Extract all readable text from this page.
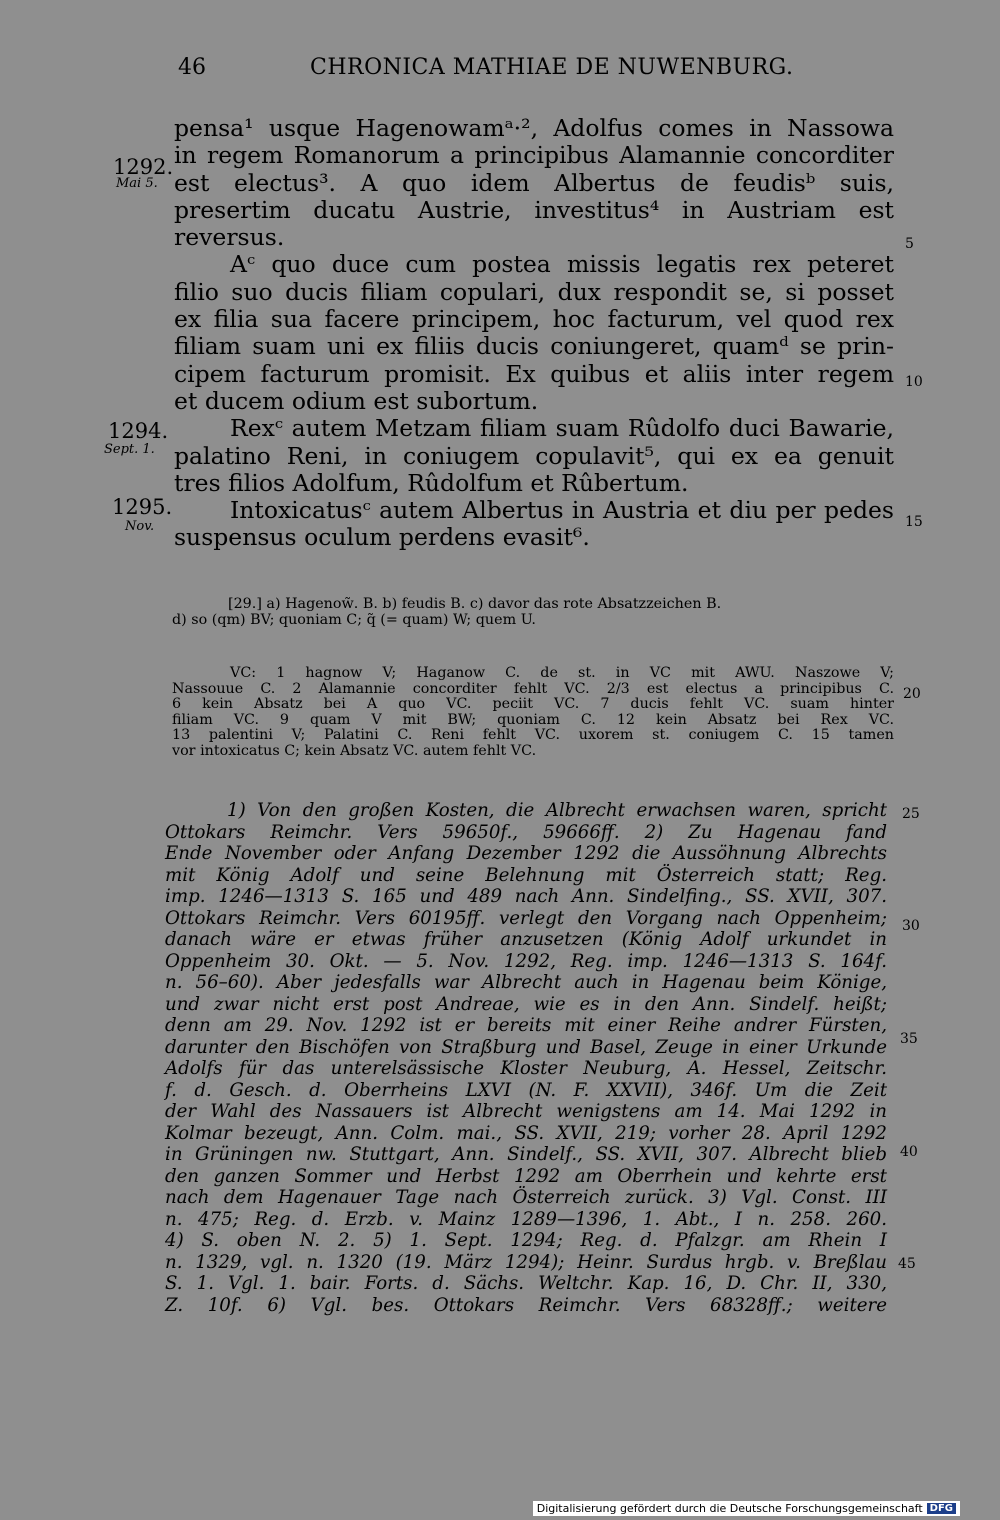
46	CHRONICA MATHIAE DE NUWENBURG.
1292.
Mai 5.
1294.
Sept. 1.
1295.
Nov.
5
10
15
20
25
30
35
40
45
pensa¹ usque Hagenowamᵃ·², Adolfus comes in Nassowa
in regem Romanorum a principibus Alamannie concorditer
est electus³. A quo idem Albertus de feudisᵇ suis,
presertim ducatu Austrie, investitus⁴ in Austriam est
reversus.
Aᶜ quo duce cum postea missis legatis rex peteret
filio suo ducis filiam copulari, dux respondit se, si posset
ex filia sua facere principem, hoc facturum, vel quod rex
filiam suam uni ex filiis ducis coniungeret, quamᵈ se prin-
cipem facturum promisit. Ex quibus et aliis inter regem
et ducem odium est subortum.
Rexᶜ autem Metzam filiam suam Rûdolfo duci Bawarie,
palatino Reni, in coniugem copulavit⁵, qui ex ea genuit
tres filios Adolfum, Rûdolfum et Rûbertum.
Intoxicatusᶜ autem Albertus in Austria et diu per pedes
suspensus oculum perdens evasit⁶.
[29.] a) Hagenow̃. B. b) feudis B. c) davor das rote Absatzzeichen B.
d) so (qm) BV; quoniam C; q̃ (= quam) W; quem U.
VC: 1 hagnow V; Haganow C. de st. in VC mit AWU. Naszowe V;
Nassouue C. 2 Alamannie concorditer fehlt VC. 2/3 est electus a principibus C.
6 kein Absatz bei A quo VC. peciit VC. 7 ducis fehlt VC. suam hinter
filiam VC. 9 quam V mit BW; quoniam C. 12 kein Absatz bei Rex VC.
13 palentini V; Palatini C. Reni fehlt VC. uxorem st. coniugem C. 15 tamen
vor intoxicatus C; kein Absatz VC. autem fehlt VC.
1) Von den großen Kosten, die Albrecht erwachsen waren, spricht
Ottokars Reimchr. Vers 59650f., 59666ff. 2) Zu Hagenau fand
Ende November oder Anfang Dezember 1292 die Aussöhnung Albrechts
mit König Adolf und seine Belehnung mit Österreich statt; Reg.
imp. 1246—1313 S. 165 und 489 nach Ann. Sindelfing., SS. XVII, 307.
Ottokars Reimchr. Vers 60195ff. verlegt den Vorgang nach Oppenheim;
danach wäre er etwas früher anzusetzen (König Adolf urkundet in
Oppenheim 30. Okt. — 5. Nov. 1292, Reg. imp. 1246—1313 S. 164f.
n. 56–60). Aber jedesfalls war Albrecht auch in Hagenau beim Könige,
und zwar nicht erst post Andreae, wie es in den Ann. Sindelf. heißt;
denn am 29. Nov. 1292 ist er bereits mit einer Reihe andrer Fürsten,
darunter den Bischöfen von Straßburg und Basel, Zeuge in einer Urkunde
Adolfs für das unterelsässische Kloster Neuburg, A. Hessel, Zeitschr.
f. d. Gesch. d. Oberrheins LXVI (N. F. XXVII), 346f. Um die Zeit
der Wahl des Nassauers ist Albrecht wenigstens am 14. Mai 1292 in
Kolmar bezeugt, Ann. Colm. mai., SS. XVII, 219; vorher 28. April 1292
in Grüningen nw. Stuttgart, Ann. Sindelf., SS. XVII, 307. Albrecht blieb
den ganzen Sommer und Herbst 1292 am Oberrhein und kehrte erst
nach dem Hagenauer Tage nach Österreich zurück. 3) Vgl. Const. III
n. 475; Reg. d. Erzb. v. Mainz 1289—1396, 1. Abt., I n. 258. 260.
4) S. oben N. 2. 5) 1. Sept. 1294; Reg. d. Pfalzgr. am Rhein I
n. 1329, vgl. n. 1320 (19. März 1294); Heinr. Surdus hrgb. v. Breßlau
S. 1. Vgl. 1. bair. Forts. d. Sächs. Weltchr. Kap. 16, D. Chr. II, 330,
Z. 10f. 6) Vgl. bes. Ottokars Reimchr. Vers 68328ff.; weitere
Digitalisierung gefördert durch die Deutsche Forschungsgemeinschaft DFG
